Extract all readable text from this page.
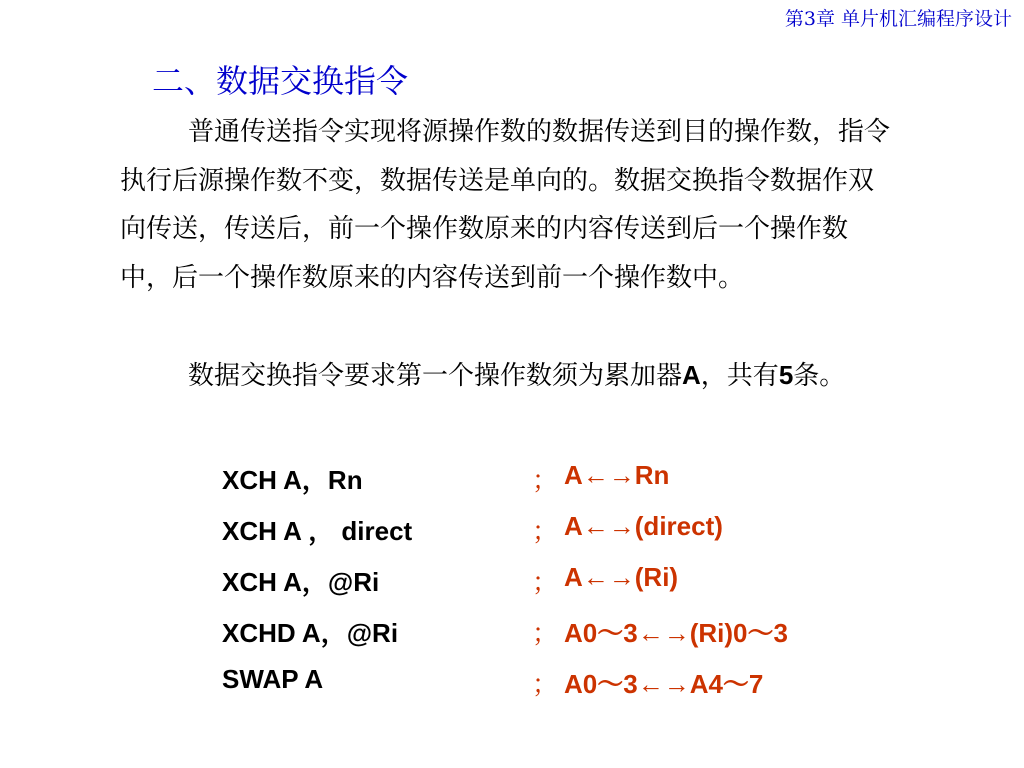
第3章 单片机汇编程序设计
二、数据交换指令

普通传送指令实现将源操作数的数据传送到目的操作数，指令执行后源操作数不变，数据传送是单向的。数据交换指令数据作双向传送，传送后，前一个操作数原来的内容传送到后一个操作数中，后一个操作数原来的内容传送到前一个操作数中。

数据交换指令要求第一个操作数须为累加器A，共有5条。

XCH A，Rn	； A←→Rn
XCH A ， direct	； A←→(direct)
XCH A，@Ri	； A←→(Ri)
XCHD A，@Ri	； A0～3←→(Ri)0～3
SWAP A	； A0～3←→A4～7
